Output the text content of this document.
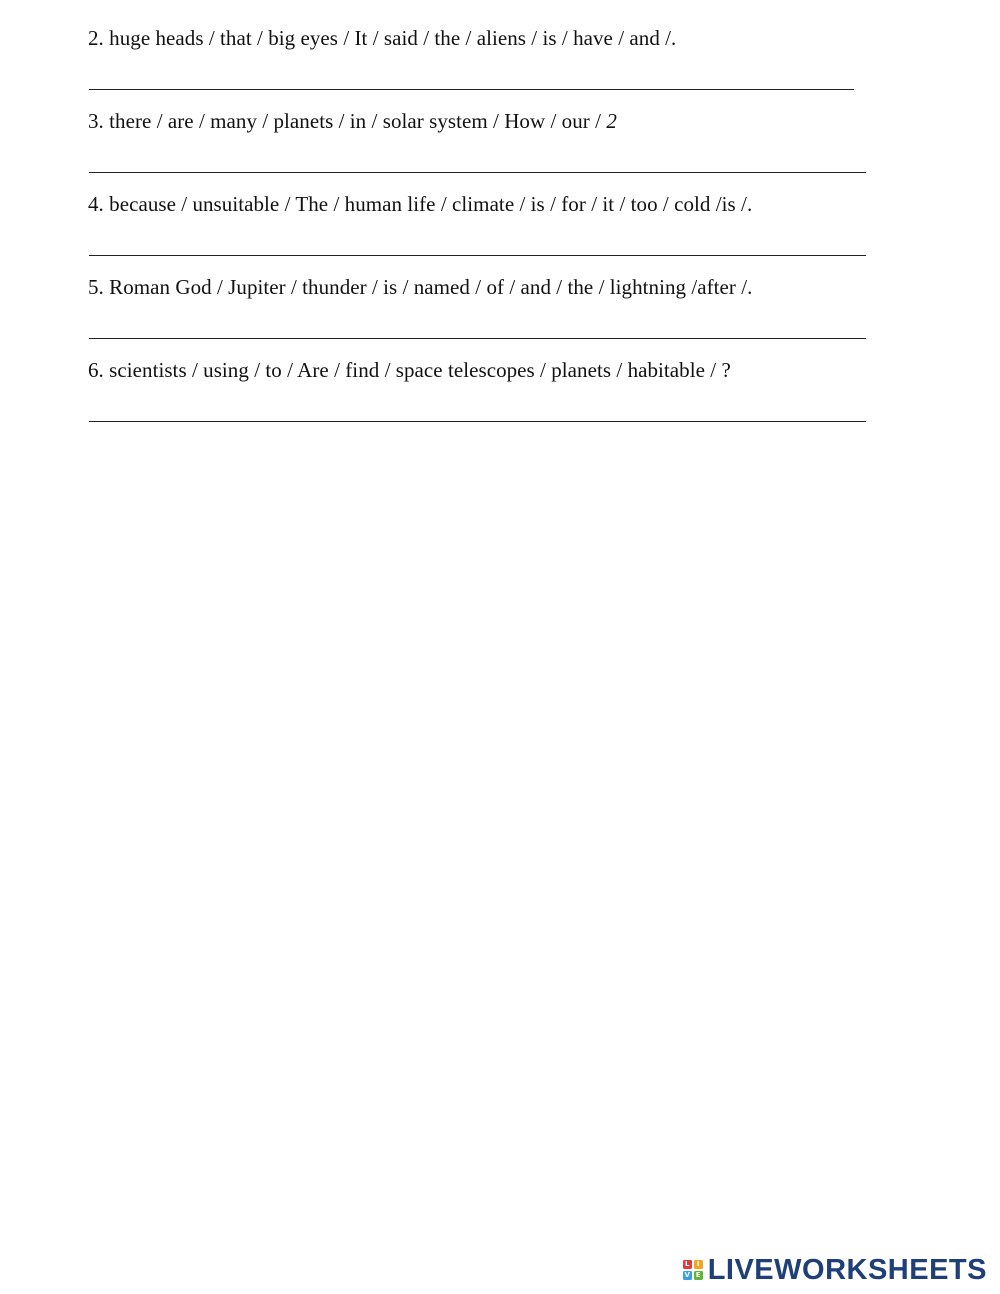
2. huge heads / that / big eyes / It / said / the / aliens / is / have / and /.
3. there / are / many / planets / in / solar system / How / our / 2
4. because / unsuitable / The / human life / climate / is / for / it / too / cold /is /.
5. Roman God / Jupiter / thunder / is / named / of / and / the / lightning /after /.
6. scientists / using / to / Are / find / space telescopes / planets / habitable / ?
L	I
V E LIVEWORKSHEETS
